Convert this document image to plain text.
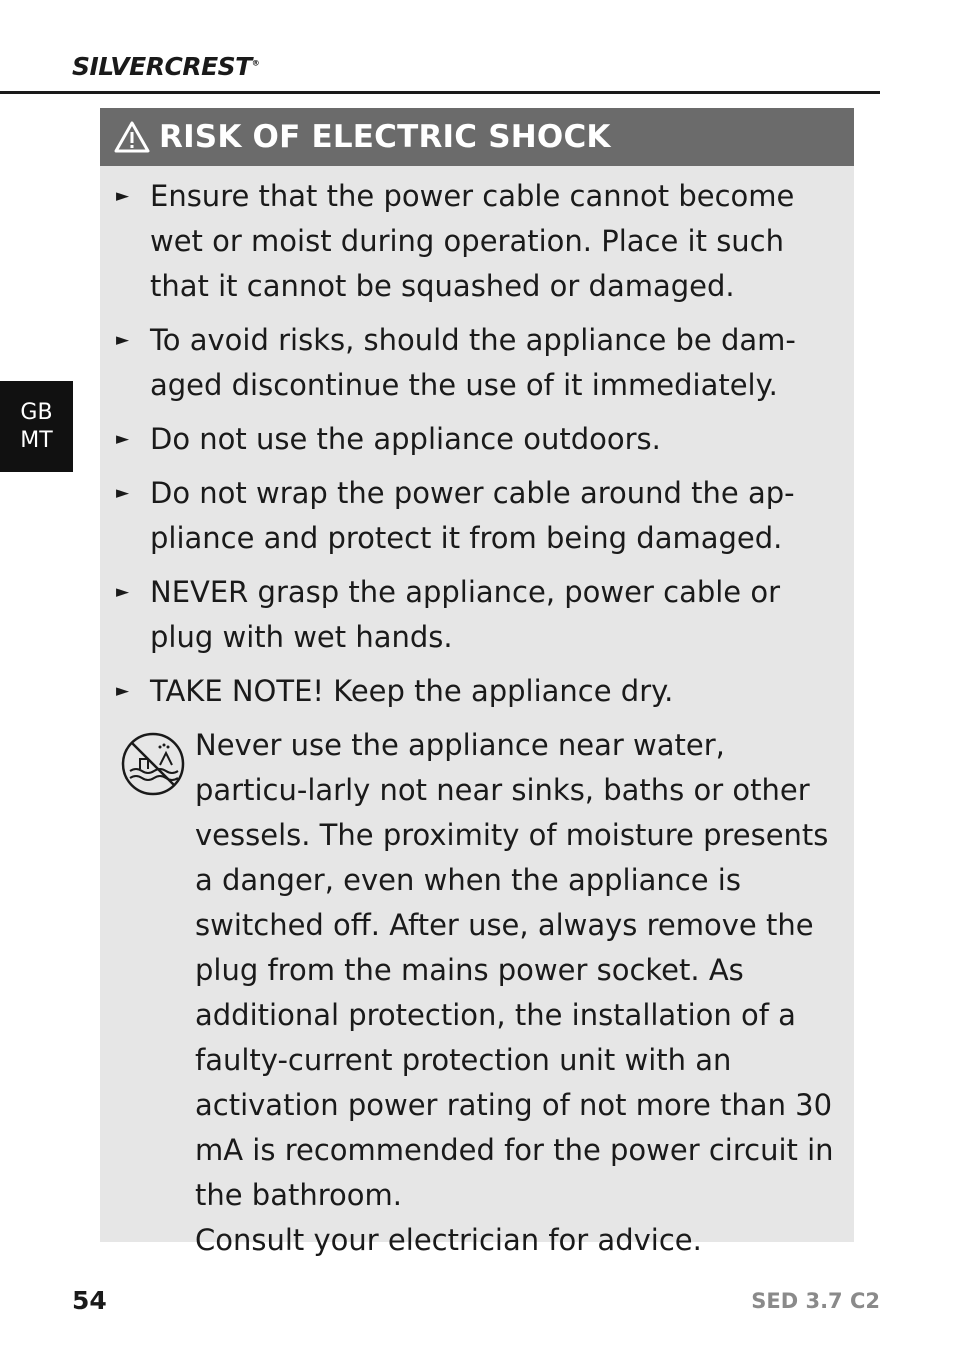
SILVERCREST®
GB
MT
RISK OF ELECTRIC SHOCK
► Ensure that the power cable cannot become wet or moist during operation. Place it such that it cannot be squashed or damaged.
► To avoid risks, should the appliance be dam-aged discontinue the use of it immediately.
► Do not use the appliance outdoors.
► Do not wrap the power cable around the ap-pliance and protect it from being damaged.
► NEVER grasp the appliance, power cable or plug with wet hands.
► TAKE NOTE! Keep the appliance dry.

Never use the appliance near water, particu-larly not near sinks, baths or other vessels. The proximity of moisture presents a danger, even when the appliance is switched off. After use, always remove the plug from the mains power socket. As additional protection, the installation of a faulty-current protection unit with an activation power rating of not more than 30 mA is recommended for the power circuit in the bathroom.

Consult your electrician for advice.

54	SED 3.7 C2
